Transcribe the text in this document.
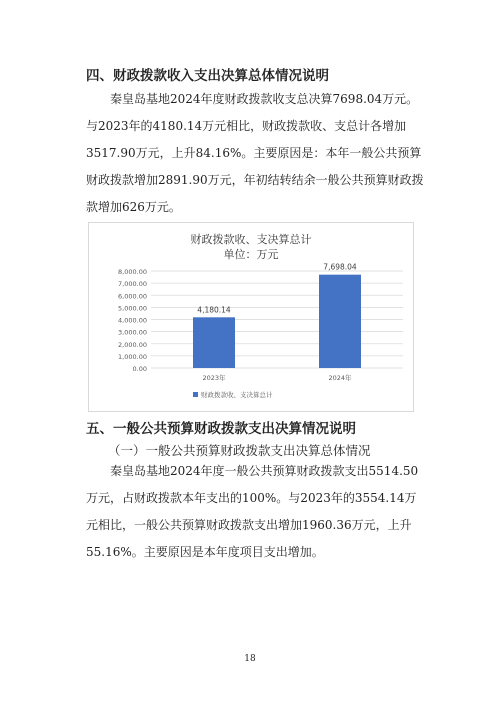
四、财政拨款收入支出决算总体情况说明
秦皇岛基地2024年度财政拨款收支总决算7698.04万元。与2023年的4180.14万元相比，财政拨款收、支总计各增加3517.90万元，上升84.16%。主要原因是：本年一般公共预算财政拨款增加2891.90万元，年初结转结余一般公共预算财政拨款增加626万元。
财政拨款收、支决算总计
单位：万元
0.00
1,000.00
2,000.00
3,000.00
4,000.00
5,000.00
6,000.00
7,000.00
8,000.00
4,180.14
2023年
7,698.04
2024年
财政拨款收、支决算总计
五、一般公共预算财政拨款支出决算情况说明
（一）一般公共预算财政拨款支出决算总体情况
秦皇岛基地2024年度一般公共预算财政拨款支出5514.50万元，占财政拨款本年支出的100%。与2023年的3554.14万元相比，一般公共预算财政拨款支出增加1960.36万元，上升55.16%。主要原因是本年度项目支出增加。
18
